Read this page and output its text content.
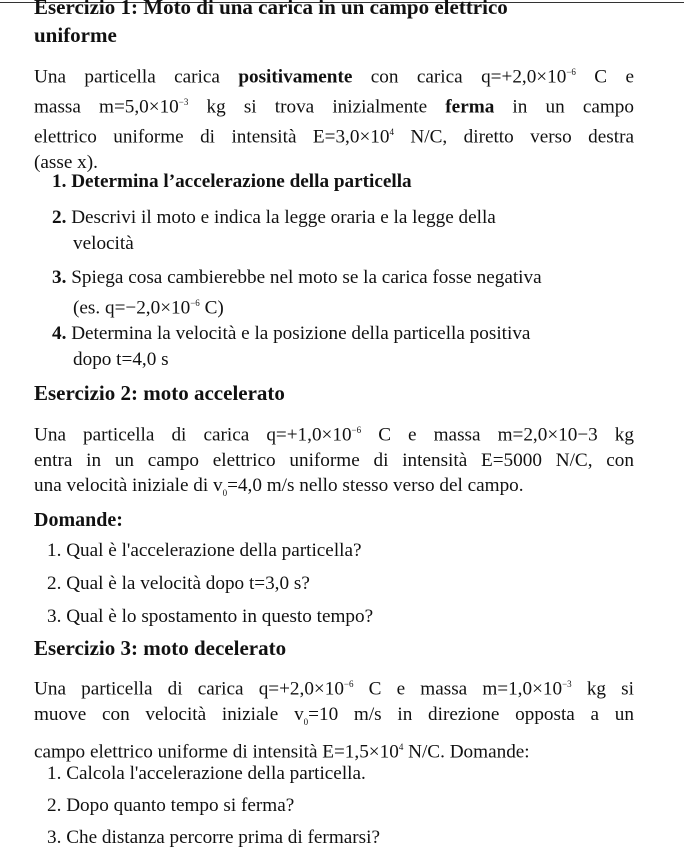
Esercizio 1: Moto di una carica in un campo elettrico
uniforme
Una particella carica positivamente con carica $q=+2,0\times 10^{-6}$ C e
massa $m=5,0\times 10^{-3}$ kg si trova inizialmente ferma in un campo
elettrico uniforme di intensità $E=3,0\times 10^4$ N/C, diretto verso destra
(asse x).
1. Determina l’accelerazione della particella
2. Descrivi il moto e indica la legge oraria e la legge della
velocità
3. Spiega cosa cambierebbe nel moto se la carica fosse negativa
(es. $q=-2,0\times 10^{-6}$ C)
4. Determina la velocità e la posizione della particella positiva
dopo t=4,0 s
Esercizio 2: moto accelerato
Una particella di carica $q=+1,0\times 10^{-6}$ C e massa m=2,0×10−3 kg
entra in un campo elettrico uniforme di intensità E=5000 N/C, con
una velocità iniziale di $v_0=4,0$ m/s nello stesso verso del campo.
Domande:
1. Qual è l'accelerazione della particella?
2. Qual è la velocità dopo t=3,0 s?
3. Qual è lo spostamento in questo tempo?
Esercizio 3: moto decelerato
Una particella di carica $q=+2,0\times 10^{-6}$ C e massa $m=1,0\times 10^{-3}$ kg si
muove con velocità iniziale $v_0=10$ m/s in direzione opposta a un
campo elettrico uniforme di intensità $E=1,5\times 10^4$ N/C. Domande:
1. Calcola l'accelerazione della particella.
2. Dopo quanto tempo si ferma?
3. Che distanza percorre prima di fermarsi?
